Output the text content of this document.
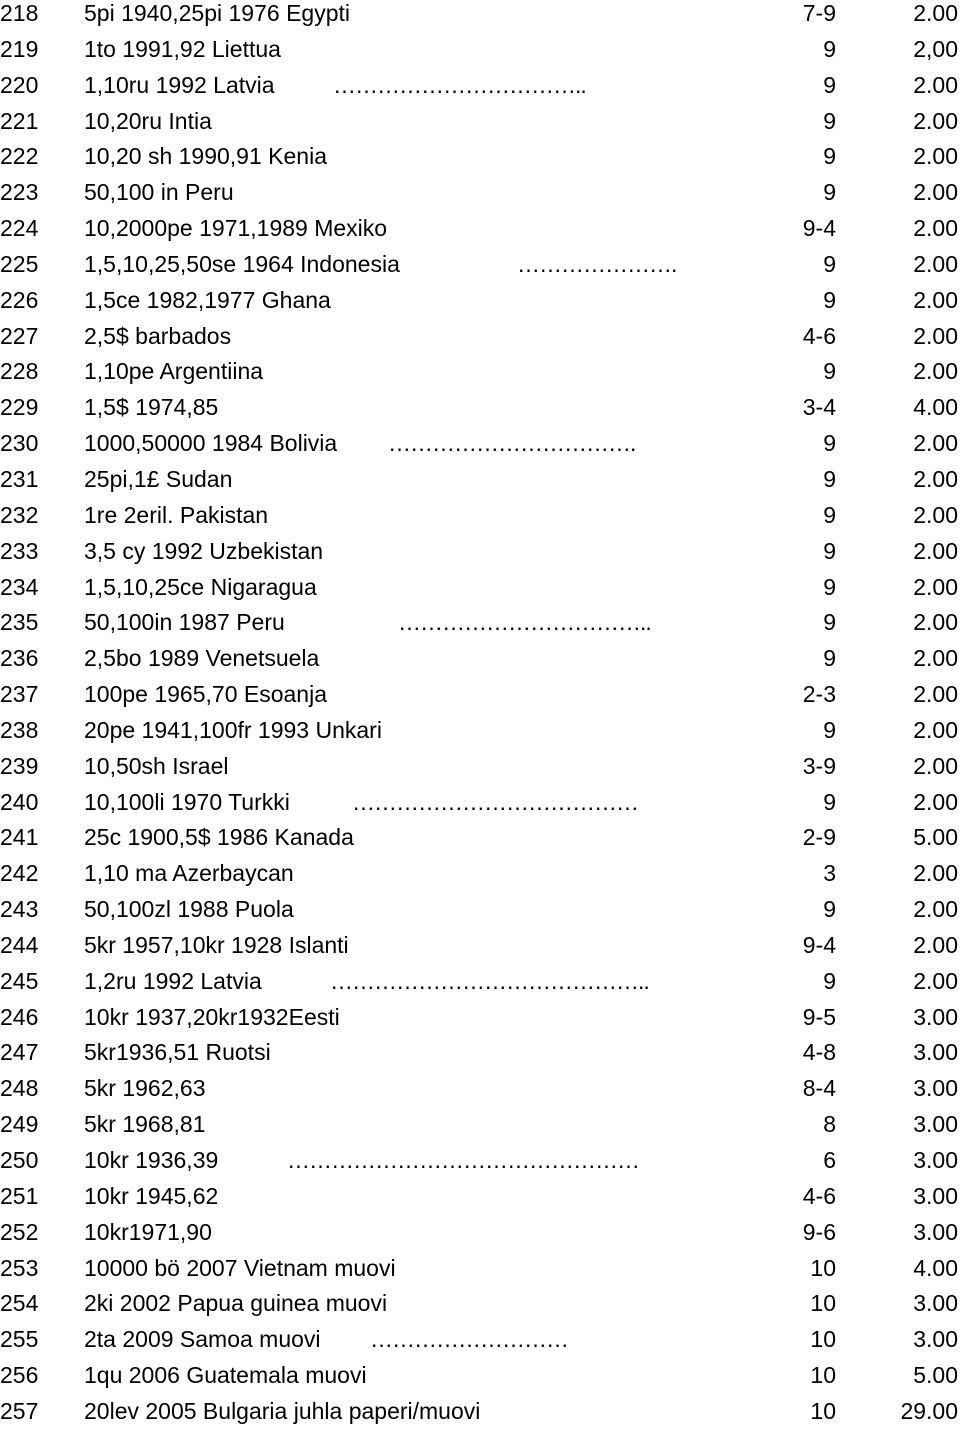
218 5pi 1940,25pi 1976 Egypti	7-9	2.00
219 1to 1991,92 Liettua	9	2,00
220 1,10ru 1992 Latvia	……………………………..	9	2.00
221 10,20ru Intia	9	2.00
222 10,20 sh 1990,91 Kenia	9	2.00
223 50,100 in Peru	9	2.00
224 10,2000pe 1971,1989 Mexiko	9-4	2.00
225 1,5,10,25,50se 1964 Indonesia	………………….	9	2.00
226 1,5ce 1982,1977 Ghana	9	2.00
227 2,5$ barbados	4-6	2.00
228 1,10pe Argentiina	9	2.00
229 1,5$ 1974,85	3-4	4.00
230 1000,50000 1984 Bolivia …………………………….	9	2.00
231 25pi,1£ Sudan	9	2.00
232 1re 2eril. Pakistan	9	2.00
233 3,5 cy 1992 Uzbekistan	9	2.00
234 1,5,10,25ce Nigaragua	9	2.00
235 50,100in 1987 Peru	……………………………..	9	2.00
236 2,5bo 1989 Venetsuela	9	2.00
237 100pe 1965,70 Esoanja	2-3	2.00
238 20pe 1941,100fr 1993 Unkari	9	2.00
239 10,50sh Israel	3-9	2.00
240 10,100li 1970 Turkki	…………………………………	9	2.00
241 25c 1900,5$ 1986 Kanada	2-9	5.00
242 1,10 ma Azerbaycan	3	2.00
243 50,100zl 1988 Puola	9	2.00
244 5kr 1957,10kr 1928 Islanti	9-4	2.00
245 1,2ru 1992 Latvia	……………………………………..	9	2.00
246 10kr 1937,20kr1932Eesti	9-5	3.00
247 5kr1936,51 Ruotsi	4-8	3.00
248 5kr 1962,63	8-4	3.00
249 5kr 1968,81	8	3.00
250 10kr 1936,39	…………………………………………	6	3.00
251 10kr 1945,62	4-6	3.00
252 10kr1971,90	9-6	3.00
253 10000 bö 2007 Vietnam muovi	10	4.00
254 2ki 2002 Papua guinea muovi	10	3.00
255 2ta 2009 Samoa muovi ………………………	10	3.00
256 1qu 2006 Guatemala muovi	10	5.00
257 20lev 2005 Bulgaria juhla paperi/muovi	10	29.00
